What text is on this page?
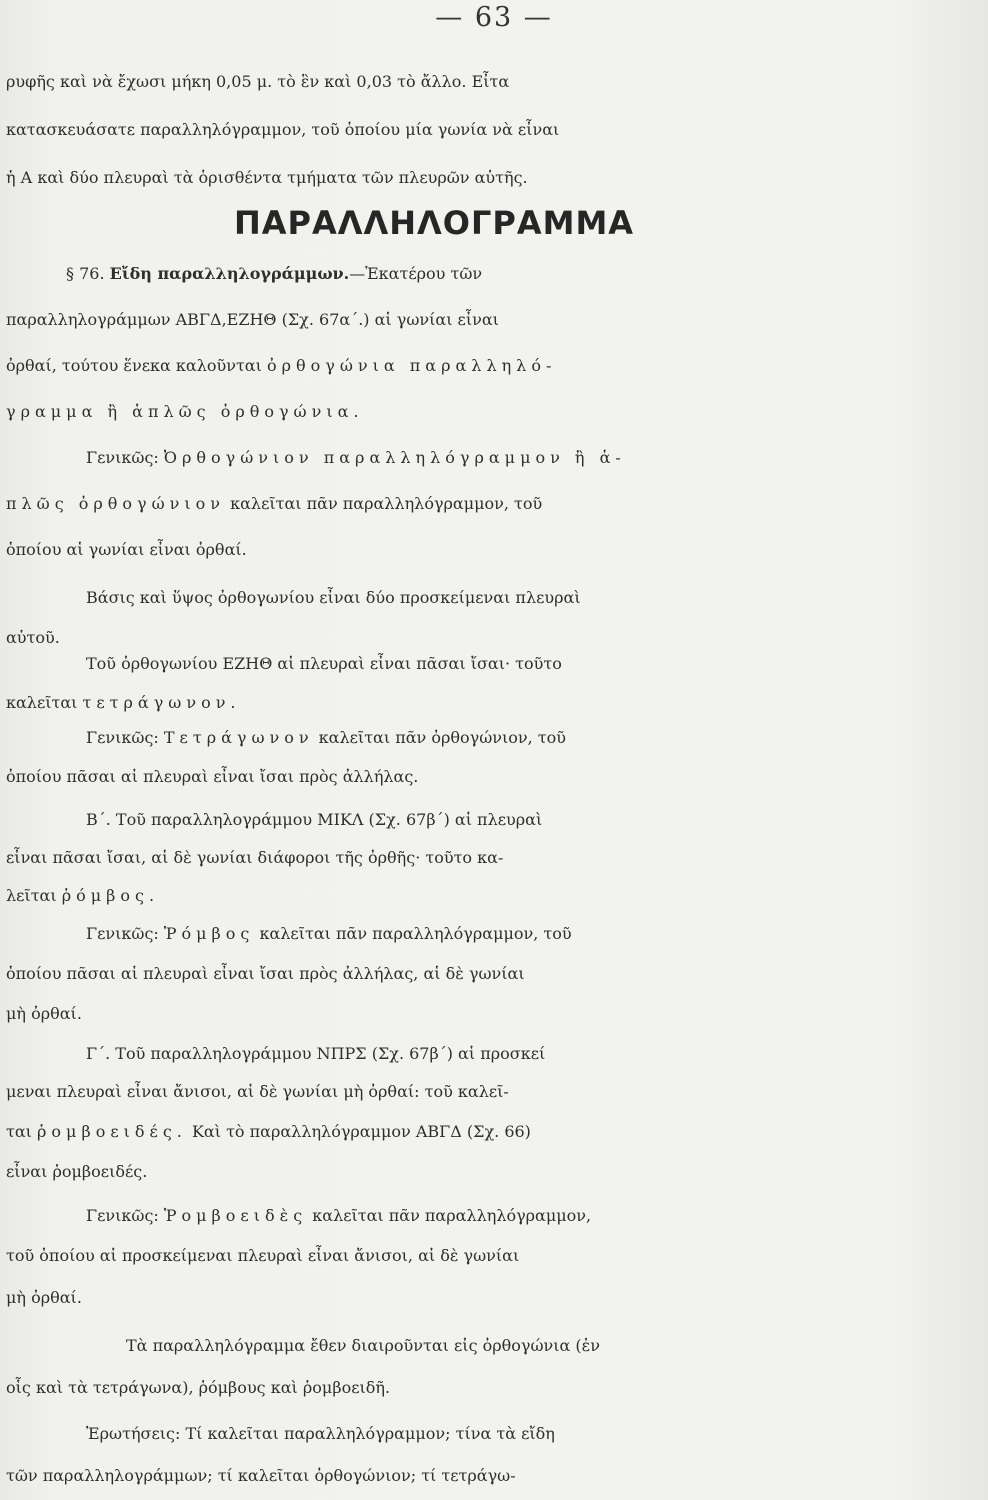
— 63 —
ΠΑΡΑΛΛΗΛΟΓΡΑΜΜΑ
ρυφῆς καὶ νὰ ἔχωσι μήκη 0,05 μ. τὸ ἓν καὶ 0,03 τὸ ἄλλο. Εἶτα
κατασκευάσατε παραλληλόγραμμον, τοῦ ὁποίου μία γωνία νὰ εἶναι
ἡ Α καὶ δύο πλευραὶ τὰ ὁρισθέντα τμήματα τῶν πλευρῶν αὐτῆς.
§ 76. Εἴδη παραλληλογράμμων.—Ἑκατέρου τῶν
παραλληλογράμμων ΑΒΓΔ,ΕΖΗΘ (Σχ. 67α΄.) αἱ γωνίαι εἶναι
ὀρθαί, τούτου ἕνεκα καλοῦνται ὀρθογώνια παραλληλό-
γραμμα ἢ ἁπλῶς ὀρθογώνια.
Γενικῶς: Ὀρθογώνιον παραλληλόγραμμον ἢ ἁ-
πλῶς ὀρθογώνιον καλεῖται πᾶν παραλληλόγραμμον, τοῦ
ὁποίου αἱ γωνίαι εἶναι ὀρθαί.
Βάσις καὶ ὕψος ὀρθογωνίου εἶναι δύο προσκείμεναι πλευραὶ
αὐτοῦ.
Τοῦ ὀρθογωνίου ΕΖΗΘ αἱ πλευραὶ εἶναι πᾶσαι ἴσαι· τοῦτο
καλεῖται τετράγωνον.
Γενικῶς: Τετράγωνον καλεῖται πᾶν ὀρθογώνιον, τοῦ
ὁποίου πᾶσαι αἱ πλευραὶ εἶναι ἴσαι πρὸς ἀλλήλας.
Β΄. Τοῦ παραλληλογράμμου ΜΙΚΛ (Σχ. 67β΄) αἱ πλευραὶ
εἶναι πᾶσαι ἴσαι, αἱ δὲ γωνίαι διάφοροι τῆς ὀρθῆς· τοῦτο κα-
λεῖται ῥόμβος.
Γενικῶς: Ῥόμβος καλεῖται πᾶν παραλληλόγραμμον, τοῦ
ὁποίου πᾶσαι αἱ πλευραὶ εἶναι ἴσαι πρὸς ἀλλήλας, αἱ δὲ γωνίαι
μὴ ὀρθαί.
Γ΄. Τοῦ παραλληλογράμμου ΝΠΡΣ (Σχ. 67β΄) αἱ προσκεί
μεναι πλευραὶ εἶναι ἄνισοι, αἱ δὲ γωνίαι μὴ ὀρθαί: τοῦ καλεῖ-
ται ῥομβοειδές. Καὶ τὸ παραλληλόγραμμον ΑΒΓΔ (Σχ. 66)
εἶναι ῥομβοειδές.
Γενικῶς: Ῥομβοειδὲς καλεῖται πᾶν παραλληλόγραμμον,
τοῦ ὁποίου αἱ προσκείμεναι πλευραὶ εἶναι ἄνισοι, αἱ δὲ γωνίαι
μὴ ὀρθαί.
Τὰ παραλληλόγραμμα ἔθεν διαιροῦνται εἰς ὀρθογώνια (ἐν
οἷς καὶ τὰ τετράγωνα), ῥόμβους καὶ ῥομβοειδῆ.
Ἐρωτήσεις: Τί καλεῖται παραλληλόγραμμον; τίνα τὰ εἴδη
τῶν παραλληλογράμμων; τί καλεῖται ὀρθογώνιον; τί τετράγω-
